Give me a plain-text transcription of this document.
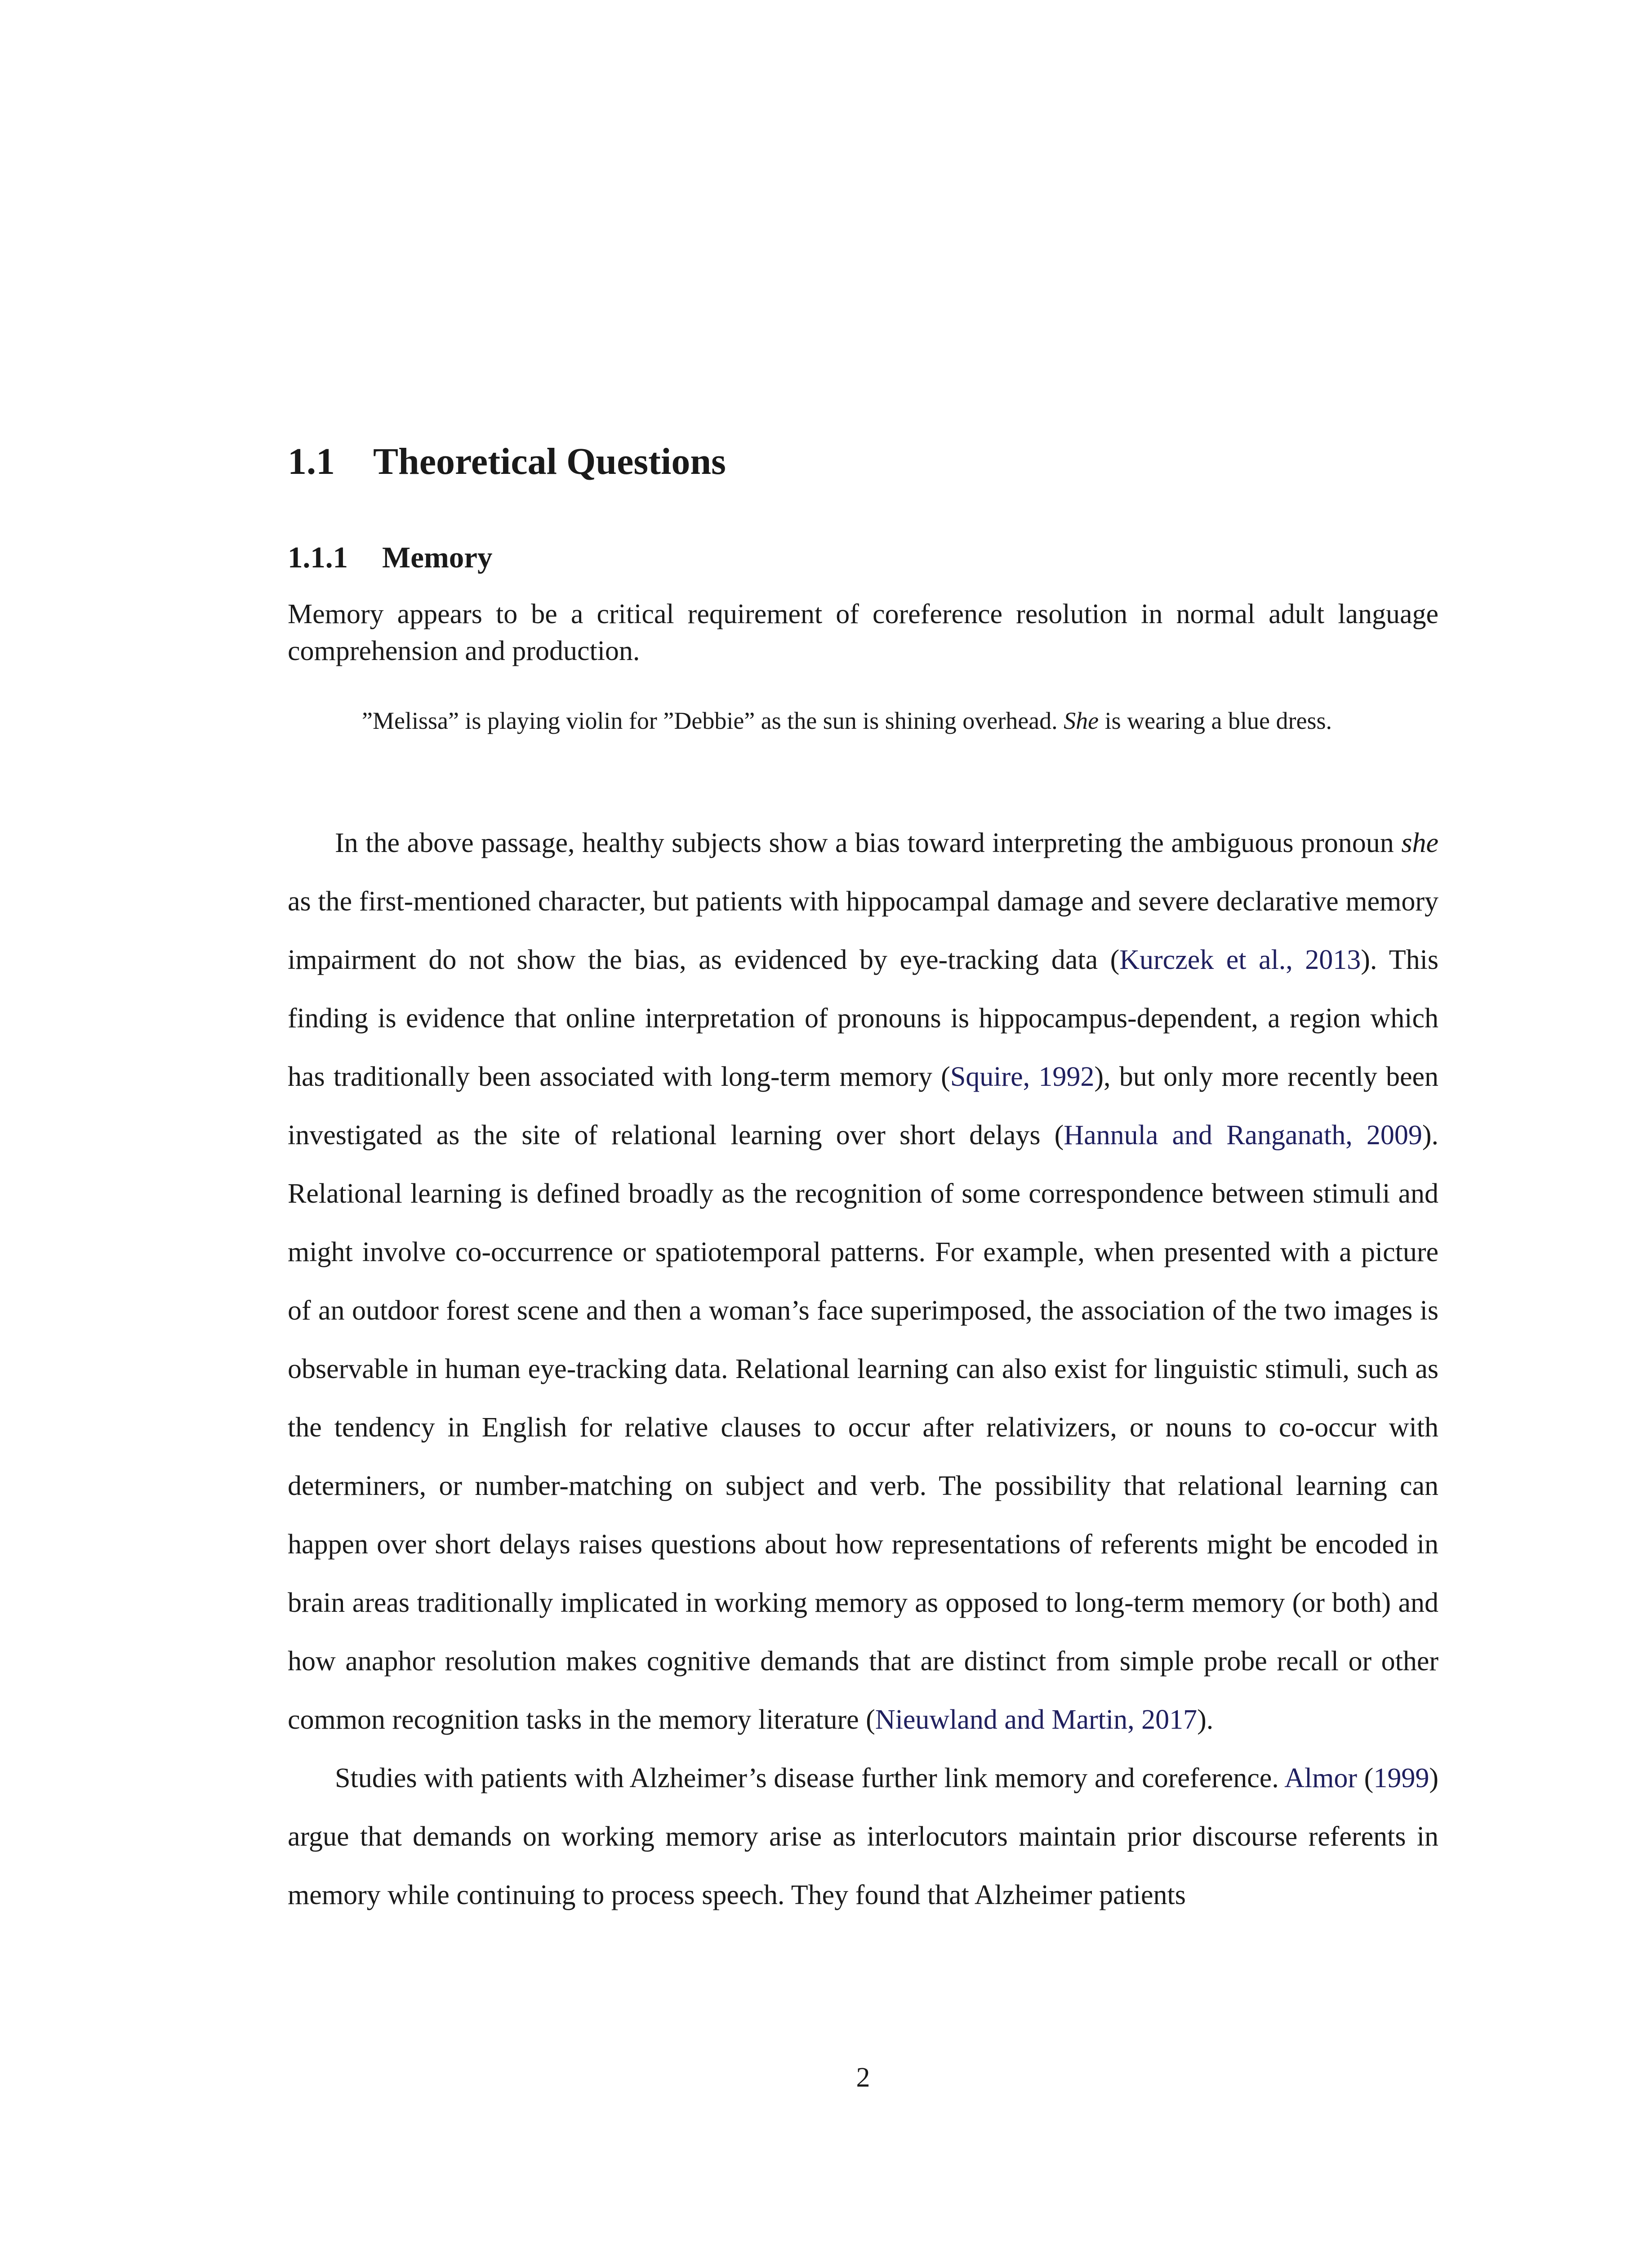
1.1 Theoretical Questions
1.1.1 Memory

Memory appears to be a critical requirement of coreference resolution in normal adult language comprehension and production.

”Melissa” is playing violin for ”Debbie” as the sun is shining overhead. She is wearing a blue dress.

In the above passage, healthy subjects show a bias toward interpreting the ambiguous pronoun she as the first-mentioned character, but patients with hippocampal damage and severe declarative memory impairment do not show the bias, as evidenced by eye-tracking data (Kurczek et al., 2013). This finding is evidence that online interpretation of pronouns is hippocampus-dependent, a region which has traditionally been associated with long-term memory (Squire, 1992), but only more recently been investigated as the site of relational learning over short delays (Hannula and Ranganath, 2009). Relational learning is defined broadly as the recognition of some correspondence between stimuli and might involve co-occurrence or spatiotemporal patterns. For example, when presented with a picture of an outdoor forest scene and then a woman’s face superimposed, the association of the two images is observable in human eye-tracking data. Relational learning can also exist for linguistic stimuli, such as the tendency in English for relative clauses to occur after relativizers, or nouns to co-occur with determiners, or number-matching on subject and verb. The possibility that relational learning can happen over short delays raises questions about how representations of referents might be encoded in brain areas traditionally implicated in working memory as opposed to long-term memory (or both) and how anaphor resolution makes cognitive demands that are distinct from simple probe recall or other common recognition tasks in the memory literature (Nieuwland and Martin, 2017).

Studies with patients with Alzheimer’s disease further link memory and coreference. Almor (1999) argue that demands on working memory arise as interlocutors maintain prior discourse referents in memory while continuing to process speech. They found that Alzheimer patients

2
